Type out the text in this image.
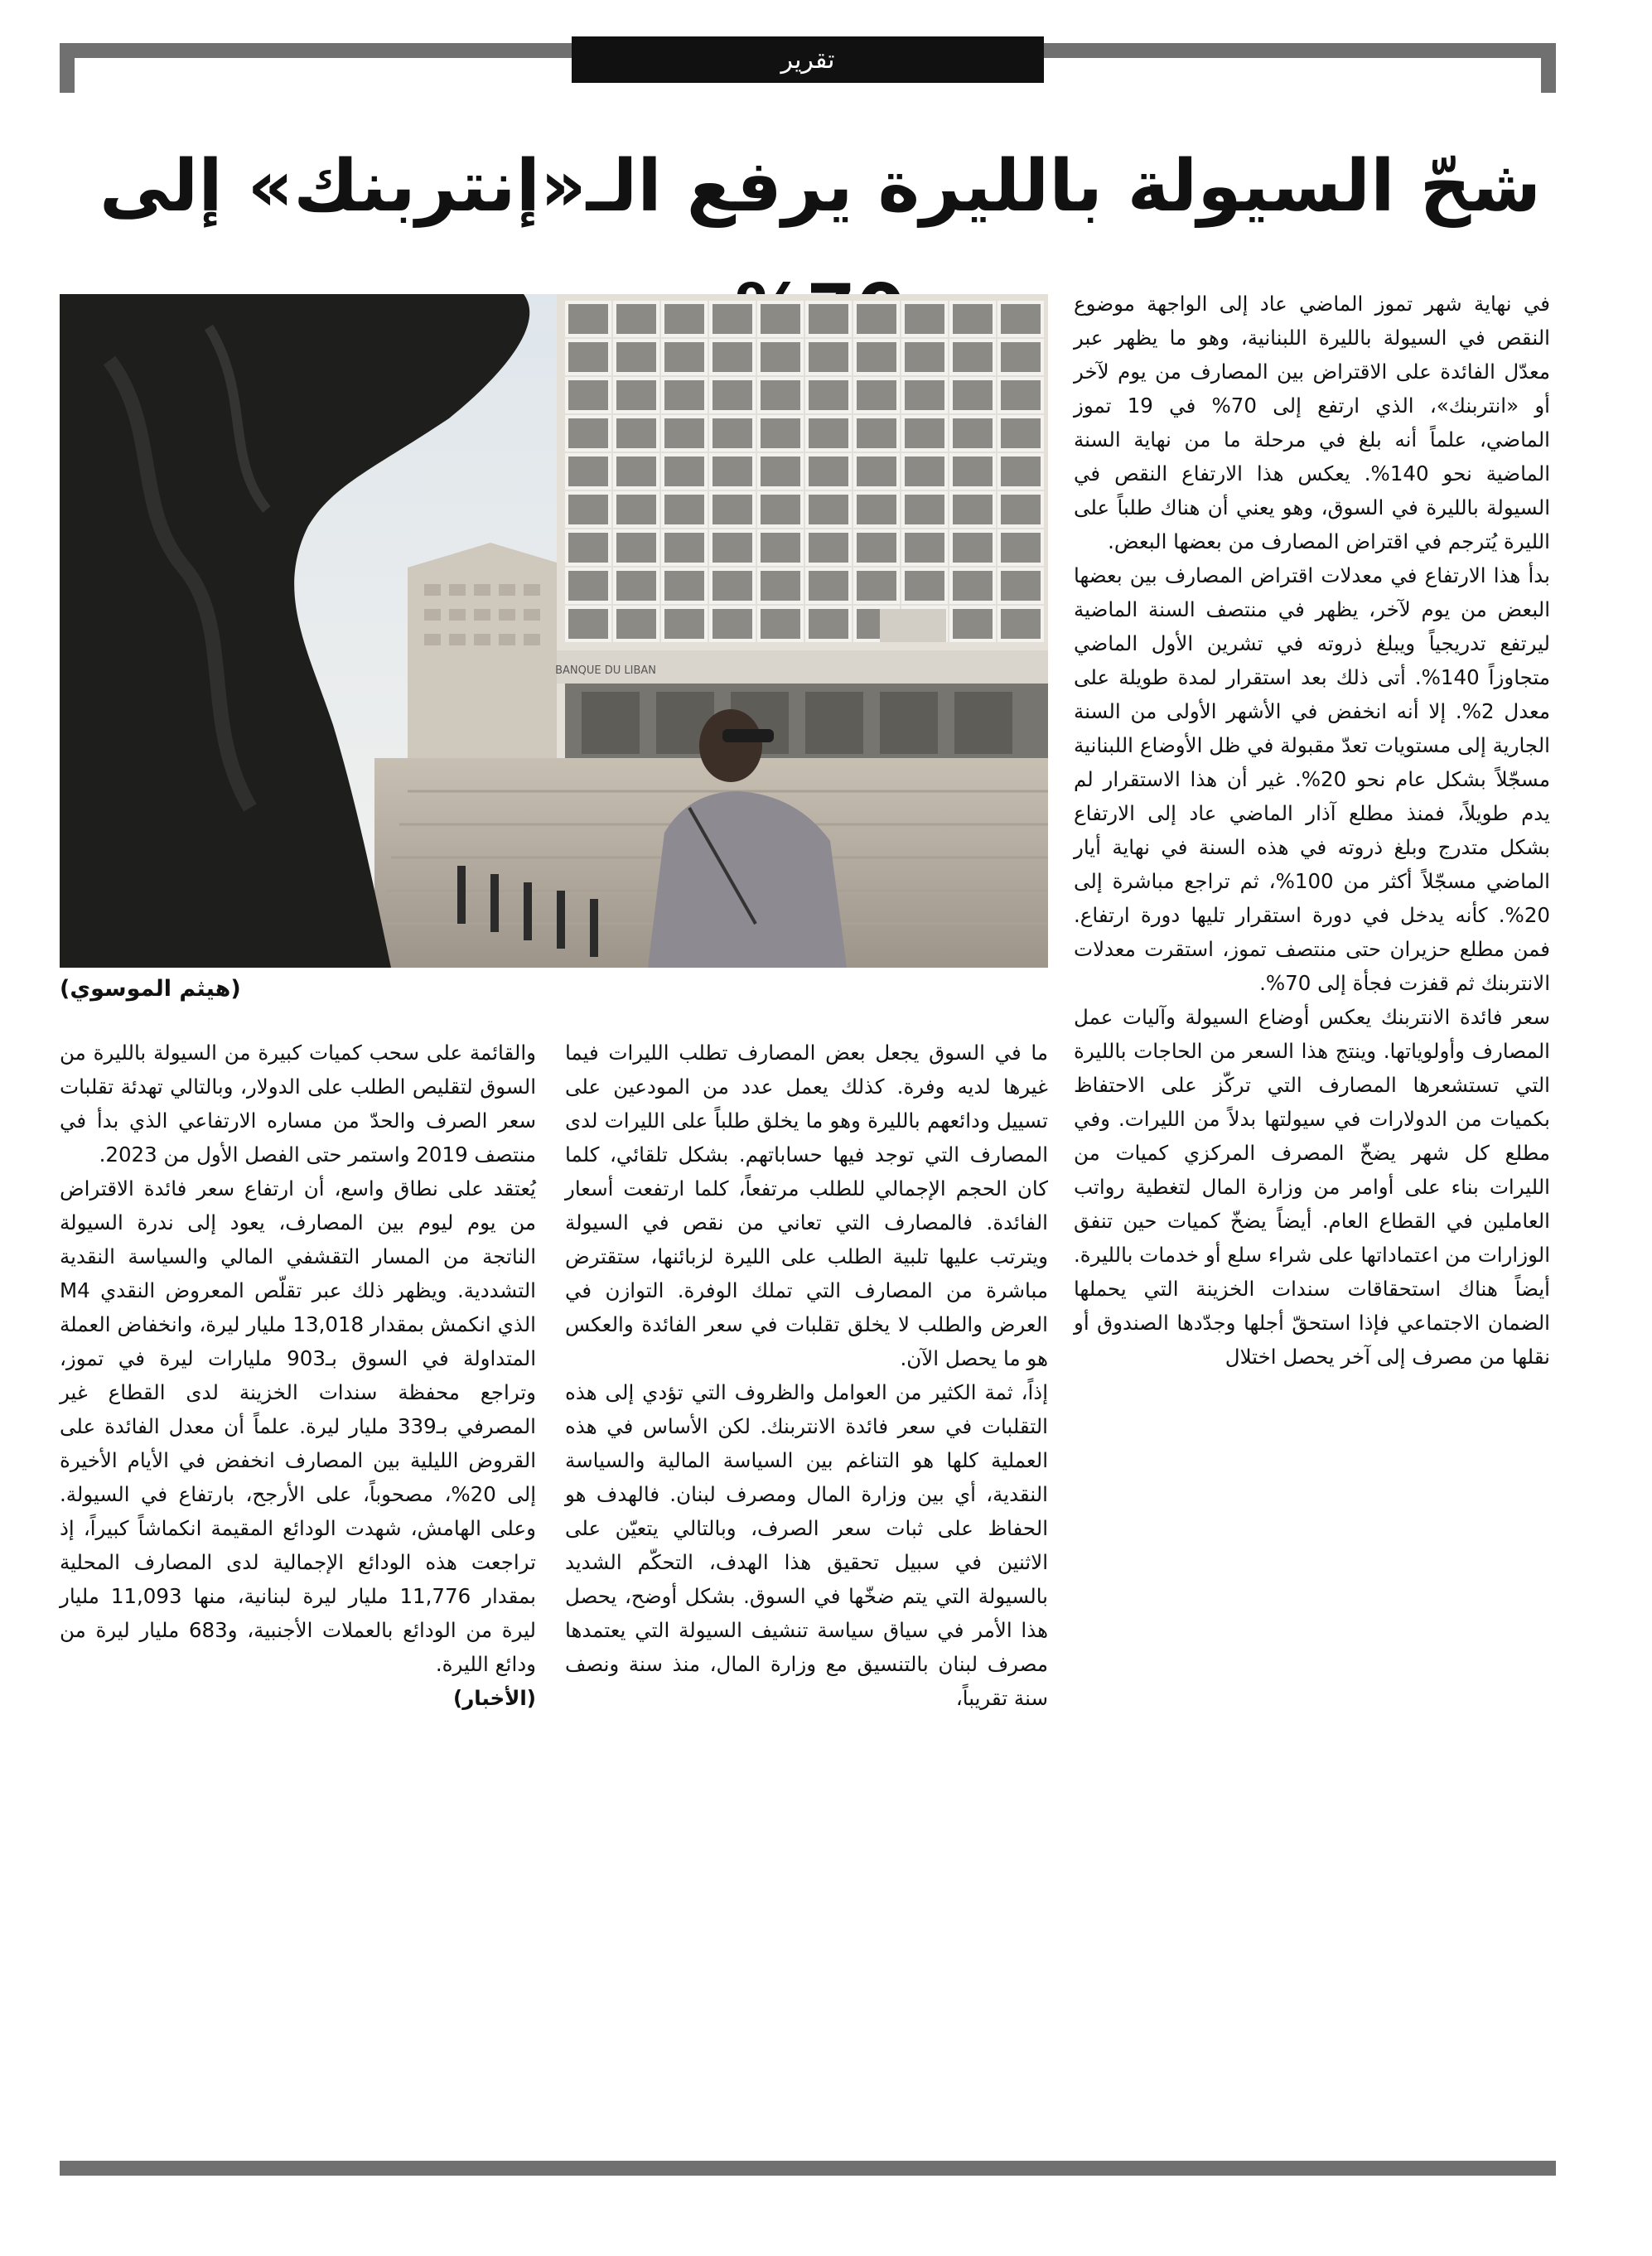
تقرير
شحّ السيولة بالليرة يرفع الـ«إنتربنك» إلى
BANQUE DU LIBAN
(هيثم الموسوي)

في نهاية شهر تموز الماضي عاد إلى الواجهة موضوع النقص في السيولة بالليرة اللبنانية، وهو ما يظهر عبر معدّل الفائدة على الاقتراض بين المصارف من يوم لآخر أو «انتربنك»، الذي ارتفع إلى 70% في 19 تموز الماضي، علماً أنه بلغ في مرحلة ما من نهاية السنة الماضية نحو 140%. يعكس هذا الارتفاع النقص في السيولة بالليرة في السوق، وهو يعني أن هناك طلباً على الليرة يُترجم في اقتراض المصارف من بعضها البعض.

بدأ هذا الارتفاع في معدلات اقتراض المصارف بين بعضها البعض من يوم لآخر، يظهر في منتصف السنة الماضية ليرتفع تدريجياً ويبلغ ذروته في تشرين الأول الماضي متجاوزاً 140%. أتى ذلك بعد استقرار لمدة طويلة على معدل 2%. إلا أنه انخفض في الأشهر الأولى من السنة الجارية إلى مستويات تعدّ مقبولة في ظل الأوضاع اللبنانية مسجّلاً بشكل عام نحو 20%. غير أن هذا الاستقرار لم يدم طويلاً، فمنذ مطلع آذار الماضي عاد إلى الارتفاع بشكل متدرج وبلغ ذروته في هذه السنة في نهاية أيار الماضي مسجّلاً أكثر من 100%، ثم تراجع مباشرة إلى 20%. كأنه يدخل في دورة استقرار تليها دورة ارتفاع. فمن مطلع حزيران حتى منتصف تموز، استقرت معدلات الانتربنك ثم قفزت فجأة إلى 70%.

سعر فائدة الانتربنك يعكس أوضاع السيولة وآليات عمل المصارف وأولوياتها. وينتج هذا السعر من الحاجات بالليرة التي تستشعرها المصارف التي تركّز على الاحتفاظ بكميات من الدولارات في سيولتها بدلاً من الليرات. وفي مطلع كل شهر يضخّ المصرف المركزي كميات من الليرات بناء على أوامر من وزارة المال لتغطية رواتب العاملين في القطاع العام. أيضاً يضخّ كميات حين تنفق الوزارات من اعتماداتها على شراء سلع أو خدمات بالليرة. أيضاً هناك استحقاقات سندات الخزينة التي يحملها الضمان الاجتماعي فإذا استحقّ أجلها وجدّدها الصندوق أو نقلها من مصرف إلى آخر يحصل اختلال

ما في السوق يجعل بعض المصارف تطلب الليرات فيما غيرها لديه وفرة. كذلك يعمل عدد من المودعين على تسييل ودائعهم بالليرة وهو ما يخلق طلباً على الليرات لدى المصارف التي توجد فيها حساباتهم. بشكل تلقائي، كلما كان الحجم الإجمالي للطلب مرتفعاً، كلما ارتفعت أسعار الفائدة. فالمصارف التي تعاني من نقص في السيولة ويترتب عليها تلبية الطلب على الليرة لزبائنها، ستقترض مباشرة من المصارف التي تملك الوفرة. التوازن في العرض والطلب لا يخلق تقلبات في سعر الفائدة والعكس هو ما يحصل الآن.

إذاً، ثمة الكثير من العوامل والظروف التي تؤدي إلى هذه التقلبات في سعر فائدة الانتربنك. لكن الأساس في هذه العملية كلها هو التناغم بين السياسة المالية والسياسة النقدية، أي بين وزارة المال ومصرف لبنان. فالهدف هو الحفاظ على ثبات سعر الصرف، وبالتالي يتعيّن على الاثنين في سبيل تحقيق هذا الهدف، التحكّم الشديد بالسيولة التي يتم ضخّها في السوق. بشكل أوضح، يحصل هذا الأمر في سياق سياسة تنشيف السيولة التي يعتمدها مصرف لبنان بالتنسيق مع وزارة المال، منذ سنة ونصف سنة تقريباً،

والقائمة على سحب كميات كبيرة من السيولة بالليرة من السوق لتقليص الطلب على الدولار، وبالتالي تهدئة تقلبات سعر الصرف والحدّ من مساره الارتفاعي الذي بدأ في منتصف 2019 واستمر حتى الفصل الأول من 2023.

يُعتقد على نطاق واسع، أن ارتفاع سعر فائدة الاقتراض من يوم ليوم بين المصارف، يعود إلى ندرة السيولة الناتجة من المسار التقشفي المالي والسياسة النقدية التشددية. ويظهر ذلك عبر تقلّص المعروض النقدي M4 الذي انكمش بمقدار 13,018 مليار ليرة، وانخفاض العملة المتداولة في السوق بـ903 مليارات ليرة في تموز، وتراجع محفظة سندات الخزينة لدى القطاع غير المصرفي بـ339 مليار ليرة. علماً أن معدل الفائدة على القروض الليلية بين المصارف انخفض في الأيام الأخيرة إلى 20%، مصحوباً، على الأرجح، بارتفاع في السيولة. وعلى الهامش، شهدت الودائع المقيمة انكماشاً كبيراً، إذ تراجعت هذه الودائع الإجمالية لدى المصارف المحلية بمقدار 11,776 مليار ليرة لبنانية، منها 11,093 مليار ليرة من الودائع بالعملات الأجنبية، و683 مليار ليرة من ودائع الليرة.

(الأخبار)
